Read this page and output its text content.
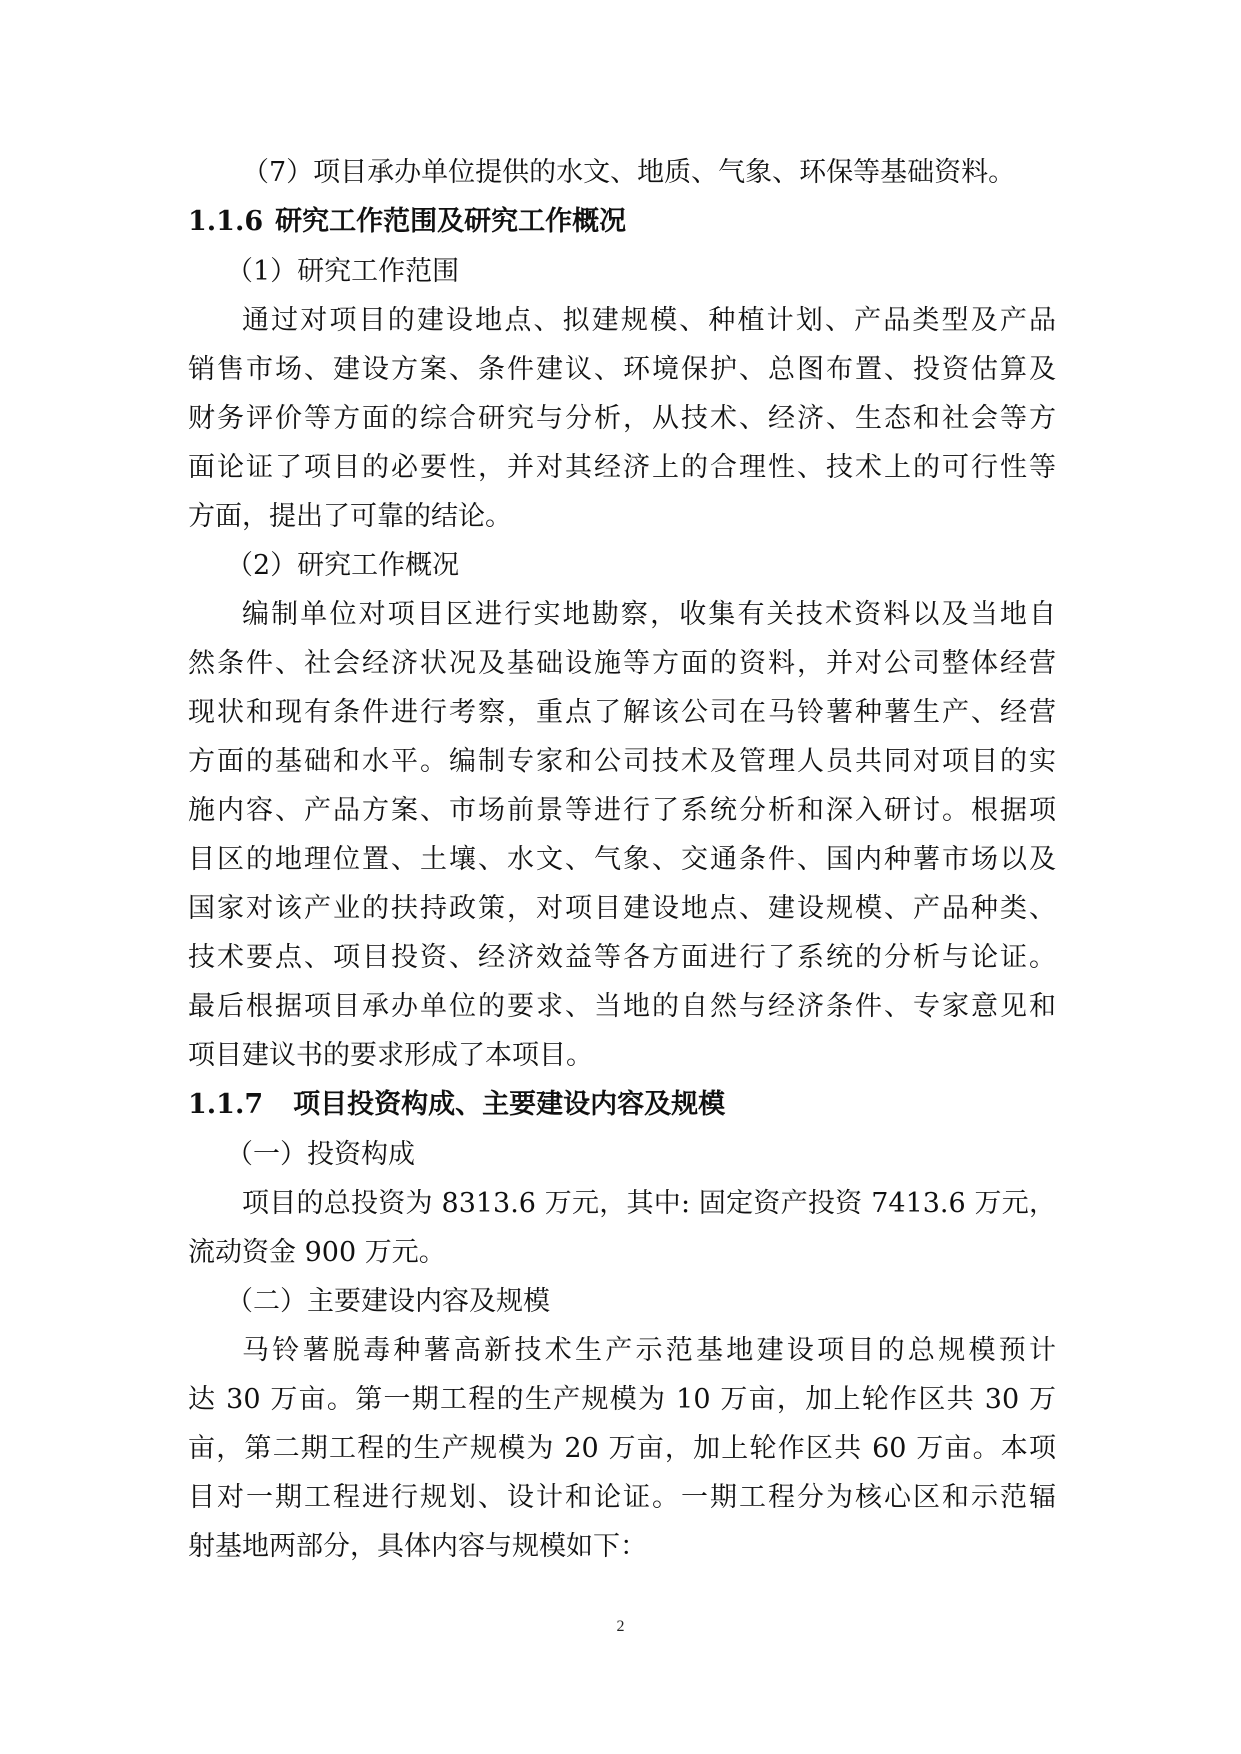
（7）项目承办单位提供的水文、地质、气象、环保等基础资料。
1.1.6 研究工作范围及研究工作概况
（1）研究工作范围
通过对项目的建设地点、拟建规模、种植计划、产品类型及产品
销售市场、建设方案、条件建议、环境保护、总图布置、投资估算及
财务评价等方面的综合研究与分析，从技术、经济、生态和社会等方
面论证了项目的必要性，并对其经济上的合理性、技术上的可行性等
方面，提出了可靠的结论。
（2）研究工作概况
编制单位对项目区进行实地勘察，收集有关技术资料以及当地自
然条件、社会经济状况及基础设施等方面的资料，并对公司整体经营
现状和现有条件进行考察，重点了解该公司在马铃薯种薯生产、经营
方面的基础和水平。编制专家和公司技术及管理人员共同对项目的实
施内容、产品方案、市场前景等进行了系统分析和深入研讨。根据项
目区的地理位置、土壤、水文、气象、交通条件、国内种薯市场以及
国家对该产业的扶持政策，对项目建设地点、建设规模、产品种类、
技术要点、项目投资、经济效益等各方面进行了系统的分析与论证。
最后根据项目承办单位的要求、当地的自然与经济条件、专家意见和
项目建议书的要求形成了本项目。
1.1.7 项目投资构成、主要建设内容及规模
（一）投资构成
项目的总投资为 8313.6 万元，其中: 固定资产投资 7413.6 万元，
流动资金 900 万元。
（二）主要建设内容及规模
马铃薯脱毒种薯高新技术生产示范基地建设项目的总规模预计
达 30 万亩。第一期工程的生产规模为 10 万亩，加上轮作区共 30 万
亩，第二期工程的生产规模为 20 万亩，加上轮作区共 60 万亩。本项
目对一期工程进行规划、设计和论证。一期工程分为核心区和示范辐
射基地两部分，具体内容与规模如下：
2
